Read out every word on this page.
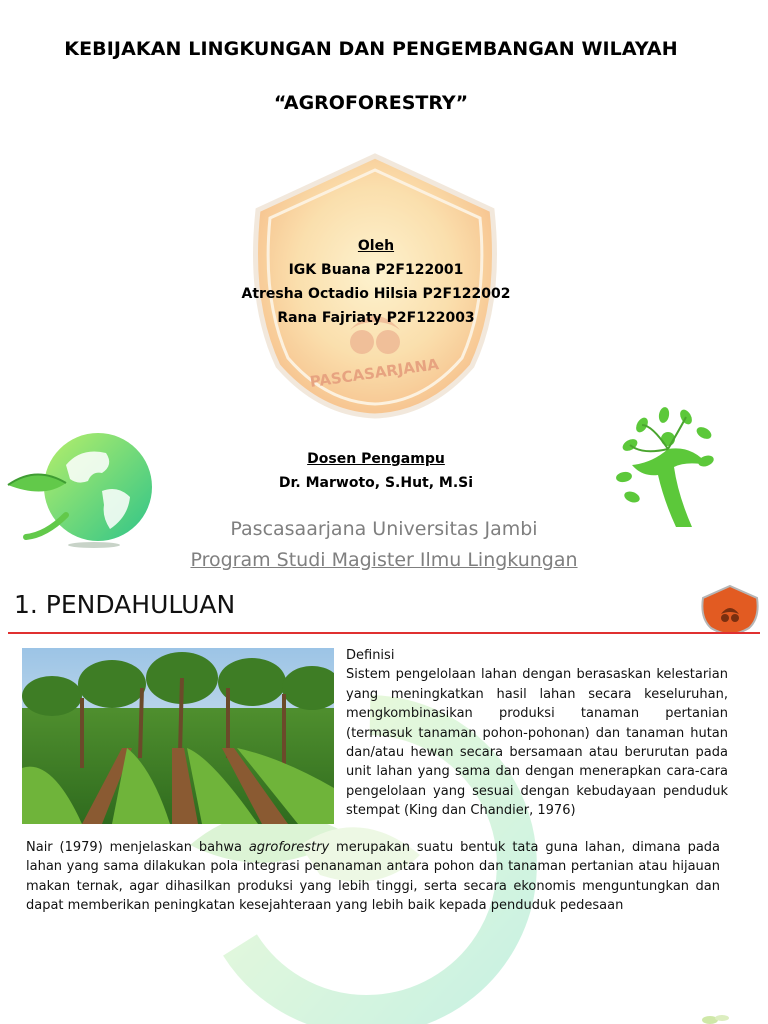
KEBIJAKAN LINGKUNGAN DAN PENGEMBANGAN WILAYAH
“AGROFORESTRY”
PASCASARJANA
Oleh
IGK Buana P2F122001
Atresha Octadio Hilsia P2F122002
Rana Fajriaty P2F122003
Dosen Pengampu
Dr. Marwoto, S.Hut, M.Si
Pascasaarjana Universitas Jambi
Program Studi Magister Ilmu Lingkungan
1. PENDAHULUAN
Definisi
Sistem pengelolaan lahan dengan berasaskan kelestarian yang meningkatkan hasil lahan secara keseluruhan, mengkombinasikan produksi tanaman pertanian (termasuk tanaman pohon-pohonan) dan tanaman hutan dan/atau hewan secara bersamaan atau berurutan pada unit lahan yang sama dan dengan menerapkan cara-cara pengelolaan yang sesuai dengan kebudayaan penduduk stempat (King dan Chandier, 1976)
Nair (1979) menjelaskan bahwa agroforestry merupakan suatu bentuk tata guna lahan, dimana pada lahan yang sama dilakukan pola integrasi penanaman antara pohon dan tanaman pertanian atau hijauan makan ternak, agar dihasilkan produksi yang lebih tinggi, serta secara ekonomis menguntungkan dan dapat memberikan peningkatan kesejahteraan yang lebih baik kepada penduduk pedesaan
